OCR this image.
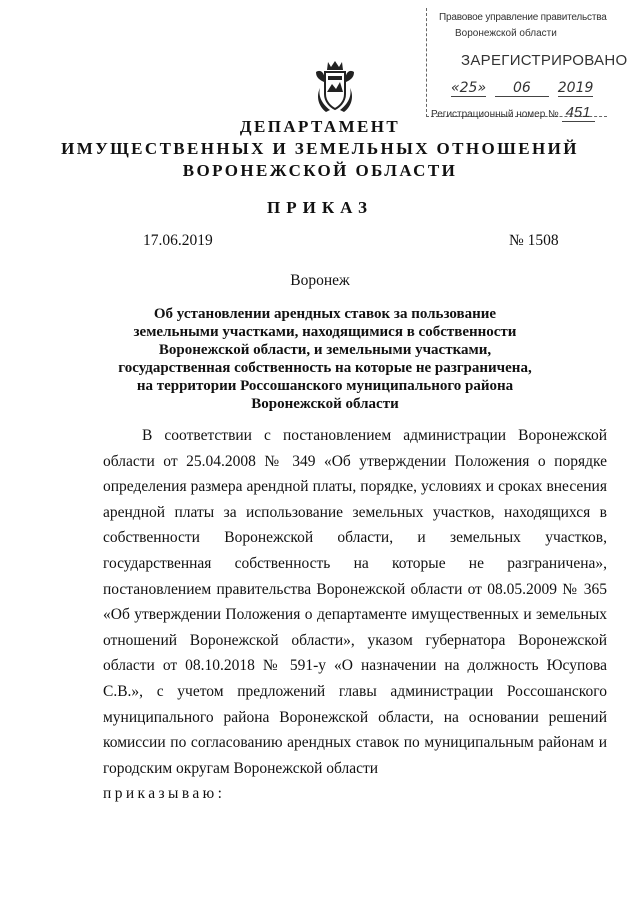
Правовое управление правительства
Воронежской области
ЗАРЕГИСТРИРОВАНО
«25» 06 2019
Регистрационный номер № 451
ДЕПАРТАМЕНТ
ИМУЩЕСТВЕННЫХ И ЗЕМЕЛЬНЫХ ОТНОШЕНИЙ
ВОРОНЕЖСКОЙ ОБЛАСТИ
ПРИКАЗ
17.06.2019	№ 1508
Воронеж
Об установлении арендных ставок за пользование земельными участками, находящимися в собственности Воронежской области, и земельными участками, государственная собственность на которые не разграничена, на территории Россошанского муниципального района Воронежской области

В соответствии с постановлением администрации Воронежской области от 25.04.2008 № 349 «Об утверждении Положения о порядке определения размера арендной платы, порядке, условиях и сроках внесения арендной платы за использование земельных участков, находящихся в собственности Воронежской области, и земельных участков, государственная собственность на которые не разграничена», постановлением правительства Воронежской области от 08.05.2009 № 365 «Об утверждении Положения о департаменте имущественных и земельных отношений Воронежской области», указом губернатора Воронежской области от 08.10.2018 № 591-у «О назначении на должность Юсупова С.В.», с учетом предложений главы администрации Россошанского муниципального района Воронежской области, на основании решений комиссии по согласованию арендных ставок по муниципальным районам и городским округам Воронежской области

приказываю:
